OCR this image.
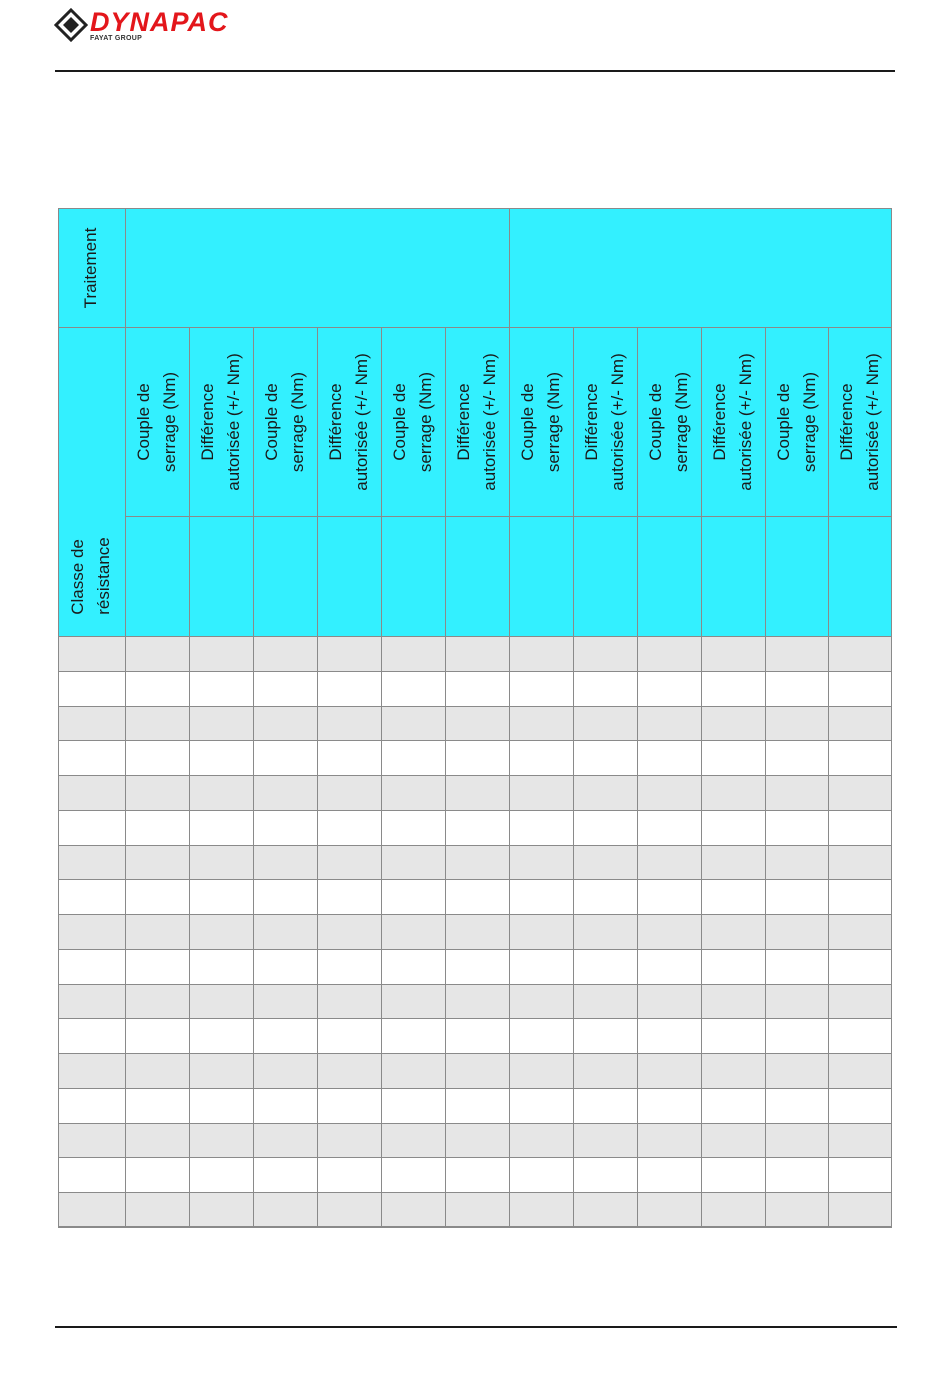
DYNAPAC
FAYAT GROUP
Traitement
Classe de résistance
Couple de serrage (Nm) Différence autorisée (+/- Nm) Couple de serrage (Nm) Différence autorisée (+/- Nm) Couple de serrage (Nm) Différence autorisée (+/- Nm) Couple de serrage (Nm) Différence autorisée (+/- Nm) Couple de serrage (Nm) Différence autorisée (+/- Nm) Couple de serrage (Nm) Différence autorisée (+/- Nm)
